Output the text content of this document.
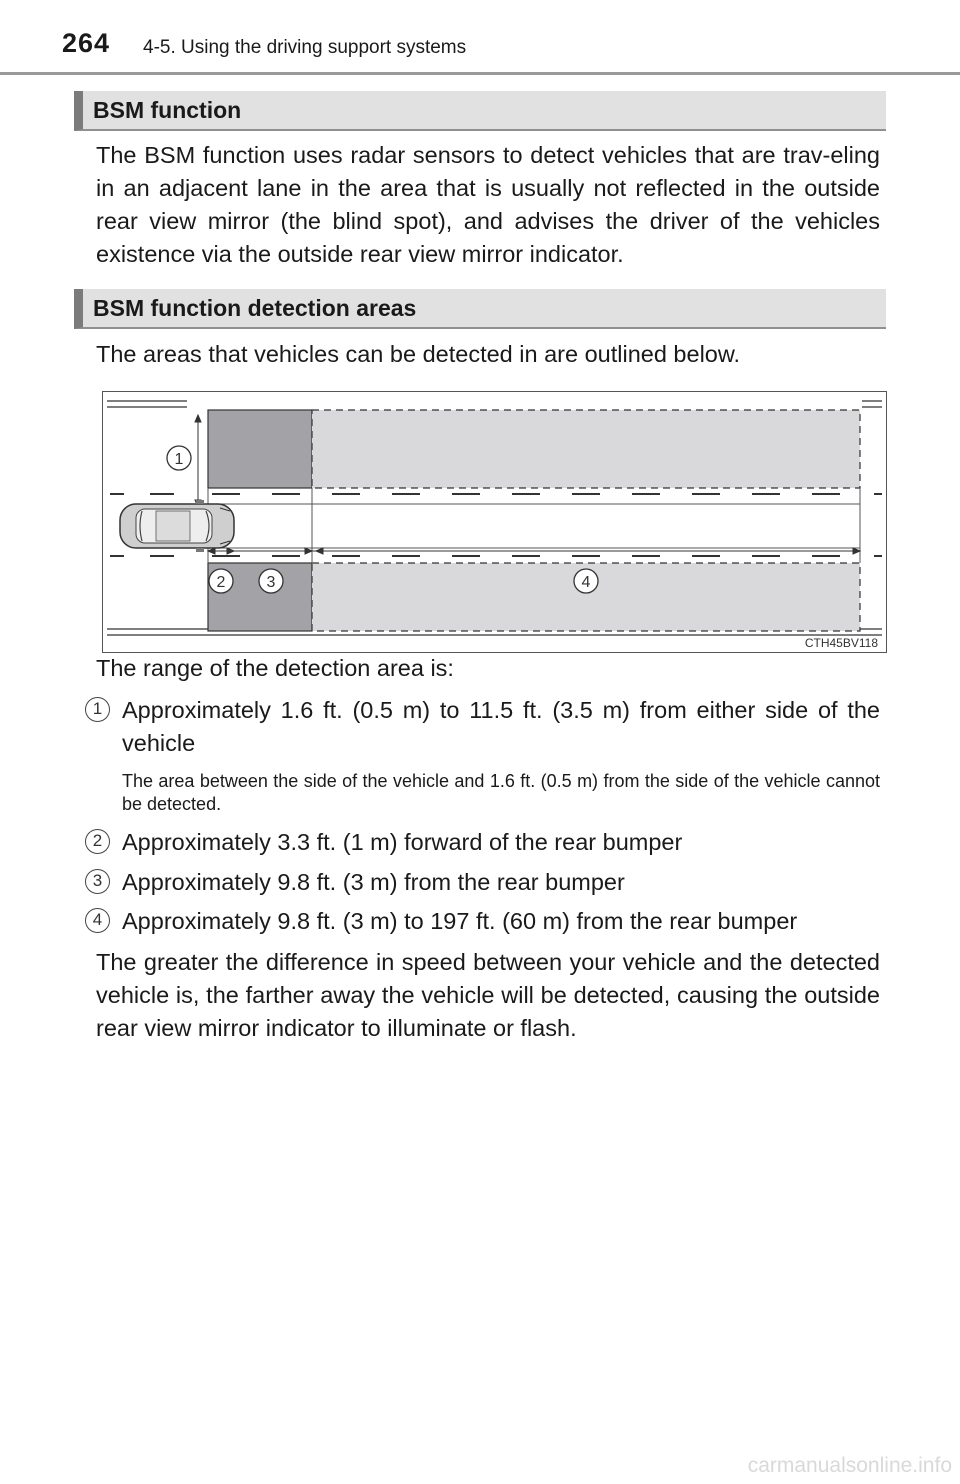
264 4-5. Using the driving support systems
BSM function

The BSM function uses radar sensors to detect vehicles that are trav-eling in an adjacent lane in the area that is usually not reflected in the outside rear view mirror (the blind spot), and advises the driver of the vehicles existence via the outside rear view mirror indicator.

BSM function detection areas

The areas that vehicles can be detected in are outlined below.

1
2	3	4
CTH45BV118

The range of the detection area is:

1 Approximately 1.6 ft. (0.5 m) to 11.5 ft. (3.5 m) from either side of the vehicle

The area between the side of the vehicle and 1.6 ft. (0.5 m) from the side of the vehicle cannot be detected.

2 Approximately 3.3 ft. (1 m) forward of the rear bumper
3 Approximately 9.8 ft. (3 m) from the rear bumper
4 Approximately 9.8 ft. (3 m) to 197 ft. (60 m) from the rear bumper

The greater the difference in speed between your vehicle and the detected vehicle is, the farther away the vehicle will be detected, causing the outside rear view mirror indicator to illuminate or flash.

carmanualsonline.info
